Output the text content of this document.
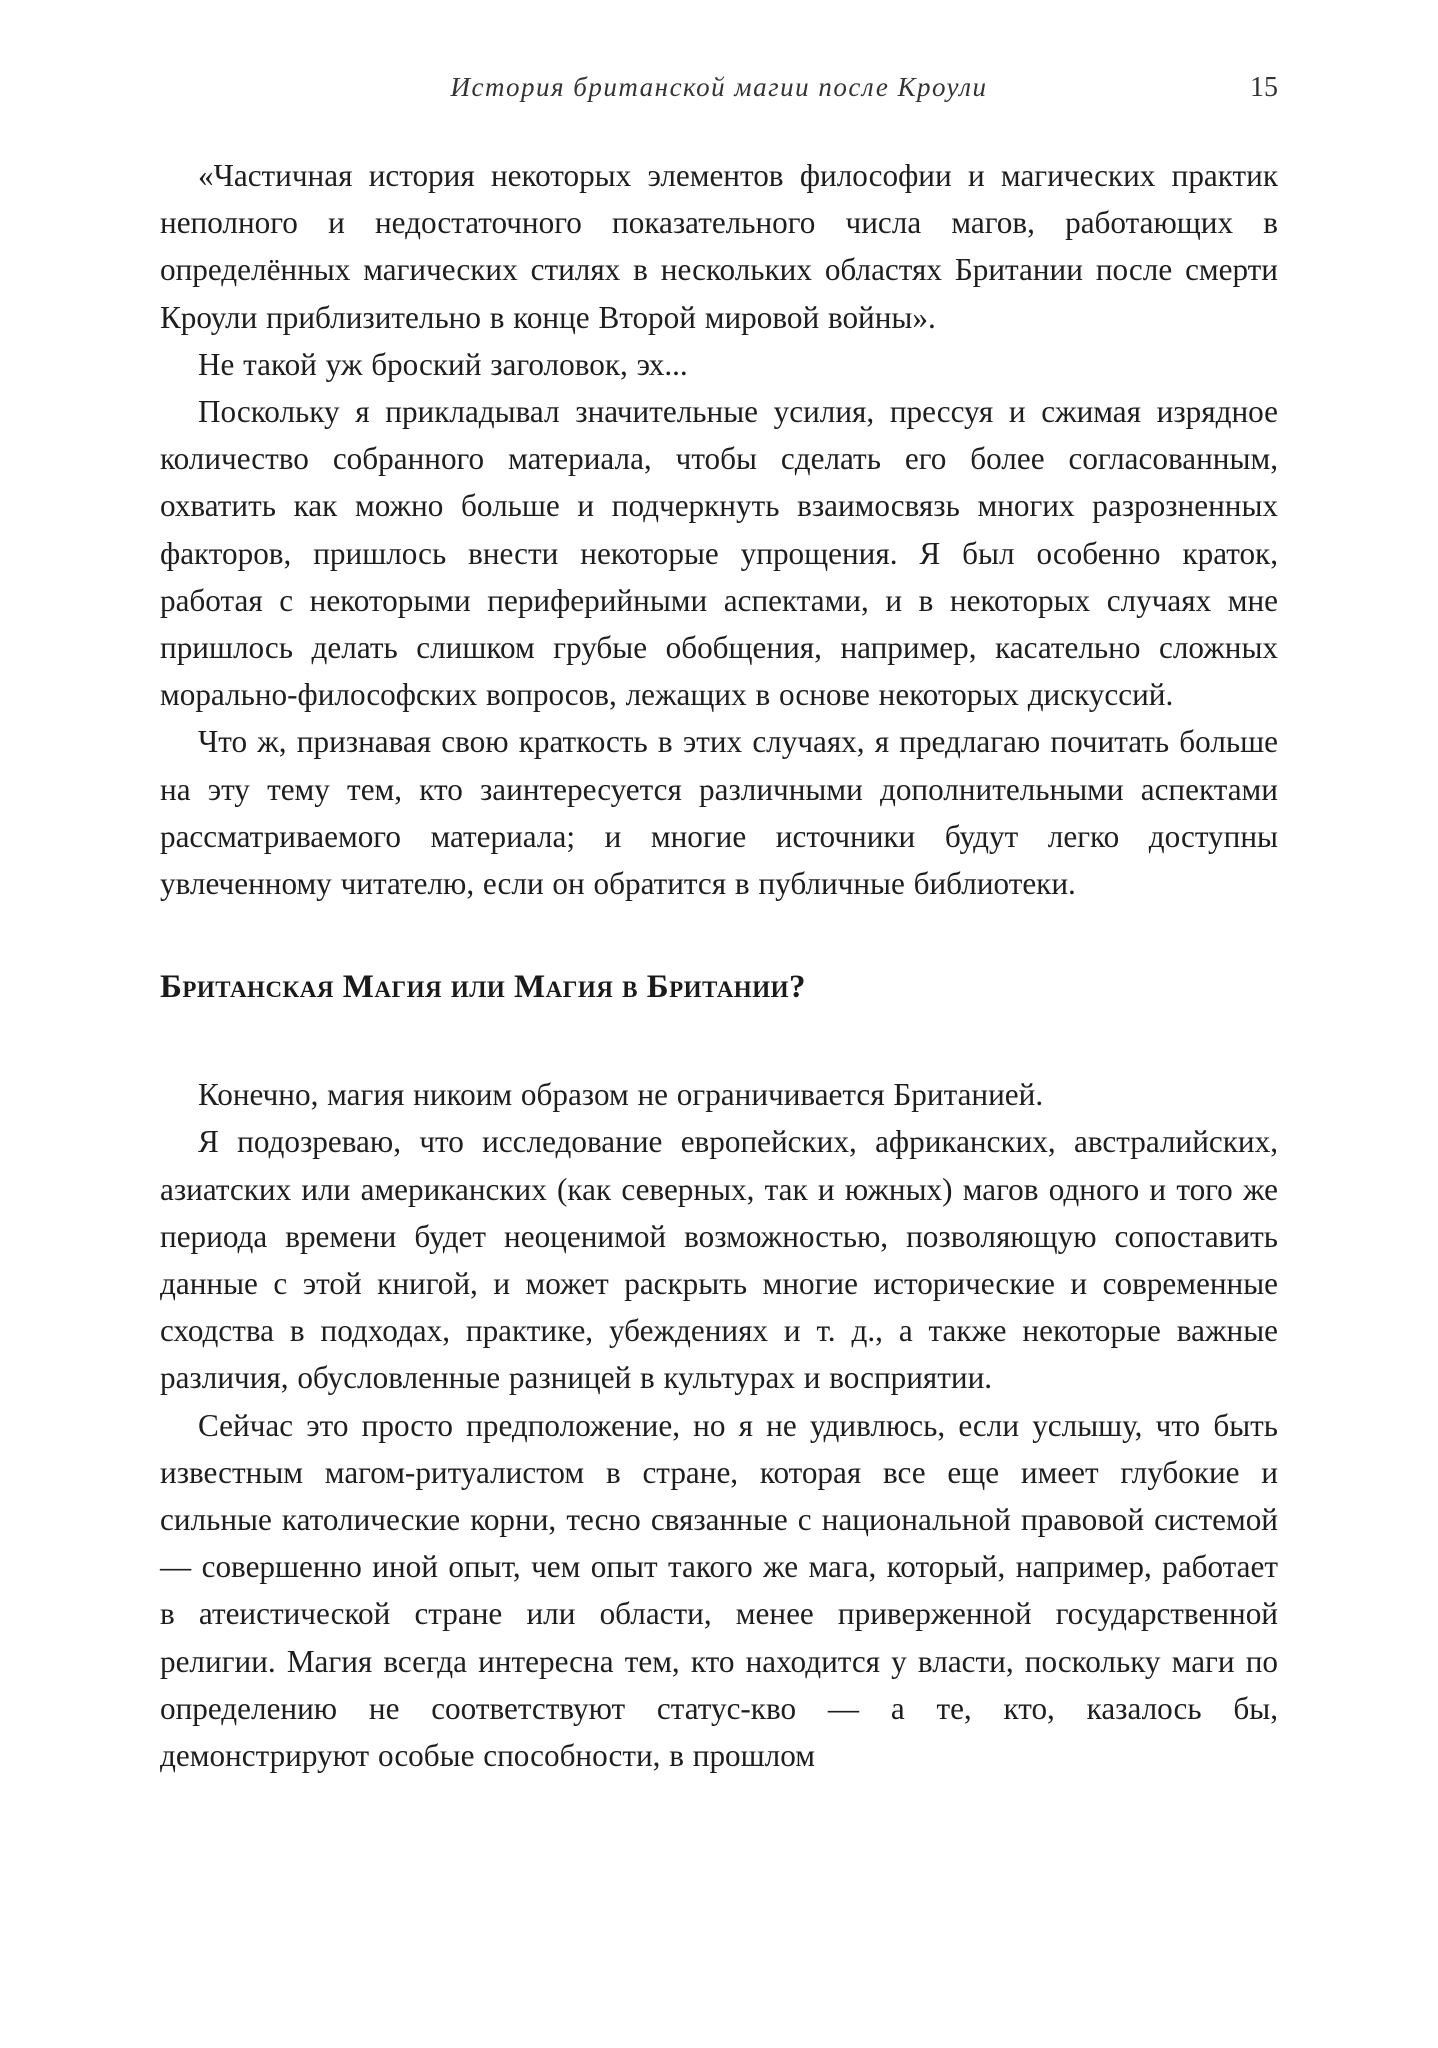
История британской магии после Кроули	15

«Частичная история некоторых элементов философии и магических практик неполного и недостаточного показательного числа магов, работающих в определённых магических стилях в нескольких областях Британии после смерти Кроули приблизительно в конце Второй мировой войны».

Не такой уж броский заголовок, эх...

Поскольку я прикладывал значительные усилия, прессуя и сжимая изрядное количество собранного материала, чтобы сделать его более согласованным, охватить как можно больше и подчеркнуть взаимосвязь многих разрозненных факторов, пришлось внести некоторые упрощения. Я был особенно краток, работая с некоторыми периферийными аспектами, и в некоторых случаях мне пришлось делать слишком грубые обобщения, например, касательно сложных морально-философских вопросов, лежащих в основе некоторых дискуссий.

Что ж, признавая свою краткость в этих случаях, я предлагаю почитать больше на эту тему тем, кто заинтересуется различными дополнительными аспектами рассматриваемого материала; и многие источники будут легко доступны увлеченному читателю, если он обратится в публичные библиотеки.

Британская Магия или Магия в Британии?

Конечно, магия никоим образом не ограничивается Британией.

Я подозреваю, что исследование европейских, африканских, австралийских, азиатских или американских (как северных, так и южных) магов одного и того же периода времени будет неоценимой возможностью, позволяющую сопоставить данные с этой книгой, и может раскрыть многие исторические и современные сходства в подходах, практике, убеждениях и т. д., а также некоторые важные различия, обусловленные разницей в культурах и восприятии.

Сейчас это просто предположение, но я не удивлюсь, если услышу, что быть известным магом-ритуалистом в стране, которая все еще имеет глубокие и сильные католические корни, тесно связанные с национальной правовой системой — совершенно иной опыт, чем опыт такого же мага, который, например, работает в атеистической стране или области, менее приверженной государственной религии. Магия всегда интересна тем, кто находится у власти, поскольку маги по определению не соответствуют статус-кво — а те, кто, казалось бы, демонстрируют особые способности, в прошлом
